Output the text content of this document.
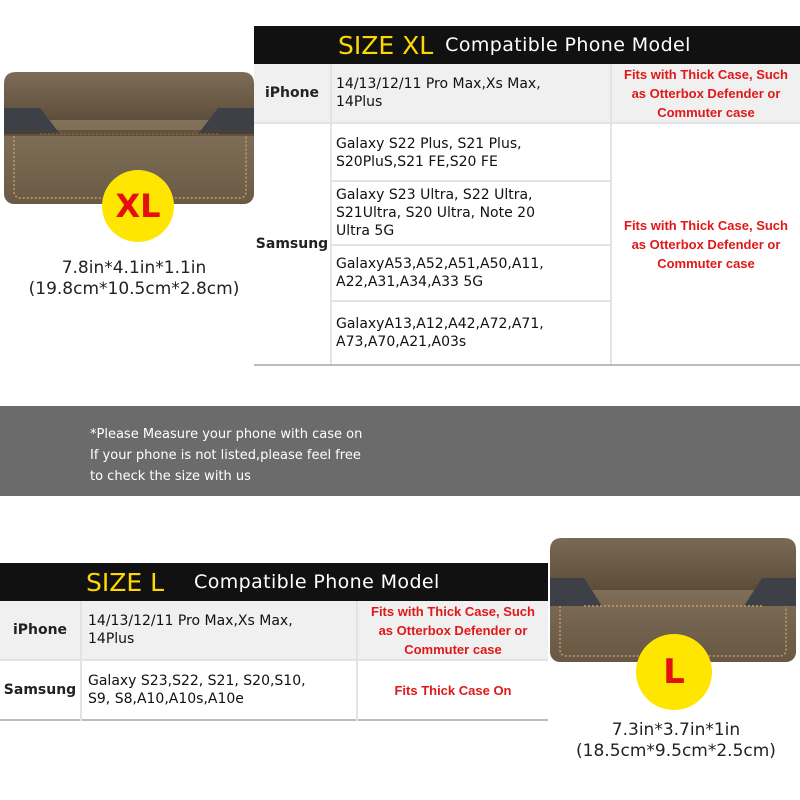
XL
7.8in*4.1in*1.1in
(19.8cm*10.5cm*2.8cm)
SIZE XL Compatible Phone Model
iPhone
14/13/12/11 Pro Max,Xs Max,
14Plus
Fits with Thick Case, Such
as Otterbox Defender or
Commuter case
Samsung
Galaxy S22 Plus, S21 Plus,
S20PluS,S21 FE,S20 FE
Galaxy S23 Ultra, S22 Ultra,
S21Ultra, S20 Ultra, Note 20
Ultra 5G
GalaxyA53,A52,A51,A50,A11,
A22,A31,A34,A33 5G
GalaxyA13,A12,A42,A72,A71,
A73,A70,A21,A03s
Fits with Thick Case, Such
as Otterbox Defender or
Commuter case
*Please Measure your phone with case on
If your phone is not listed,please feel free
to check the size with us
SIZE L Compatible Phone Model
iPhone
14/13/12/11 Pro Max,Xs Max,
14Plus
Fits with Thick Case, Such
as Otterbox Defender or
Commuter case
Samsung
Galaxy S23,S22, S21, S20,S10,
S9, S8,A10,A10s,A10e
Fits Thick Case On	L
7.3in*3.7in*1in
(18.5cm*9.5cm*2.5cm)
